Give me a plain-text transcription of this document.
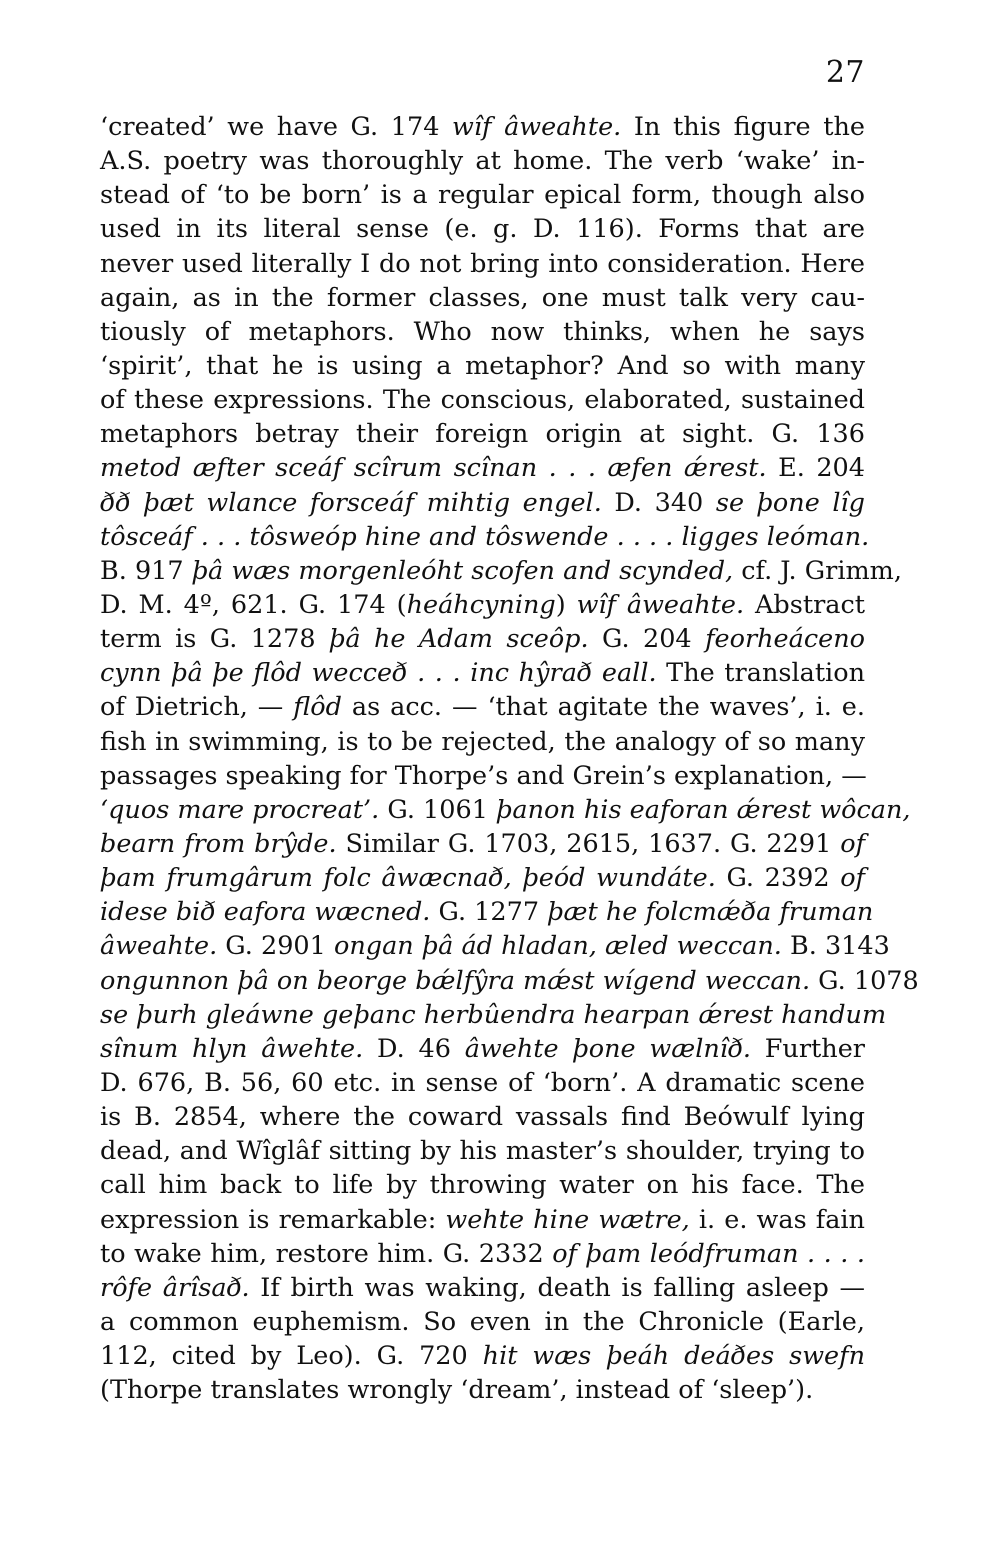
27
‘created’ we have G. 174 wîf âweahte. In this figure the
A.S. poetry was thoroughly at home. The verb ‘wake’ in-
stead of ‘to be born’ is a regular epical form, though also
used in its literal sense (e. g. D. 116). Forms that are
never used literally I do not bring into consideration. Here
again, as in the former classes, one must talk very cau-
tiously of metaphors. Who now thinks, when he says
‘spirit’, that he is using a metaphor? And so with many
of these expressions. The conscious, elaborated, sustained
metaphors betray their foreign origin at sight. G. 136
metod æfter sceáf scîrum scînan . . . æfen ǽrest. E. 204
ðð þæt wlance forsceáf mihtig engel. D. 340 se þone lîg
tôsceáf . . . tôsweóp hine and tôswende . . . . ligges leóman.
B. 917 þâ wæs morgenleóht scofen and scynded, cf. J. Grimm,
D. M. 4º, 621. G. 174 (heáhcyning) wîf âweahte. Abstract
term is G. 1278 þâ he Adam sceôp. G. 204 feorheáceno
cynn þâ þe flôd wecceð . . . inc hŷrað eall. The translation
of Dietrich, — flôd as acc. — ‘that agitate the waves’, i. e.
fish in swimming, is to be rejected, the analogy of so many
passages speaking for Thorpe’s and Grein’s explanation, —
‘quos mare procreat’. G. 1061 þanon his eaforan ǽrest wôcan,
bearn from brŷde. Similar G. 1703, 2615, 1637. G. 2291 of
þam frumgârum folc âwæcnað, þeód wundáte. G. 2392 of
idese bið eafora wæcned. G. 1277 þæt he folcmǽða fruman
âweahte. G. 2901 ongan þâ ád hladan, æled weccan. B. 3143
ongunnon þâ on beorge bǽlfŷra mǽst wígend weccan. G. 1078
se þurh gleáwne geþanc herbûendra hearpan ǽrest handum
sînum hlyn âwehte. D. 46 âwehte þone wælnîð. Further
D. 676, B. 56, 60 etc. in sense of ‘born’. A dramatic scene
is B. 2854, where the coward vassals find Beówulf lying
dead, and Wîglâf sitting by his master’s shoulder, trying to
call him back to life by throwing water on his face. The
expression is remarkable: wehte hine wætre, i. e. was fain
to wake him, restore him. G. 2332 of þam leódfruman . . . .
rôfe ârîsað. If birth was waking, death is falling asleep —
a common euphemism. So even in the Chronicle (Earle,
112, cited by Leo). G. 720 hit wæs þeáh deáðes swefn
(Thorpe translates wrongly ‘dream’, instead of ‘sleep’).
